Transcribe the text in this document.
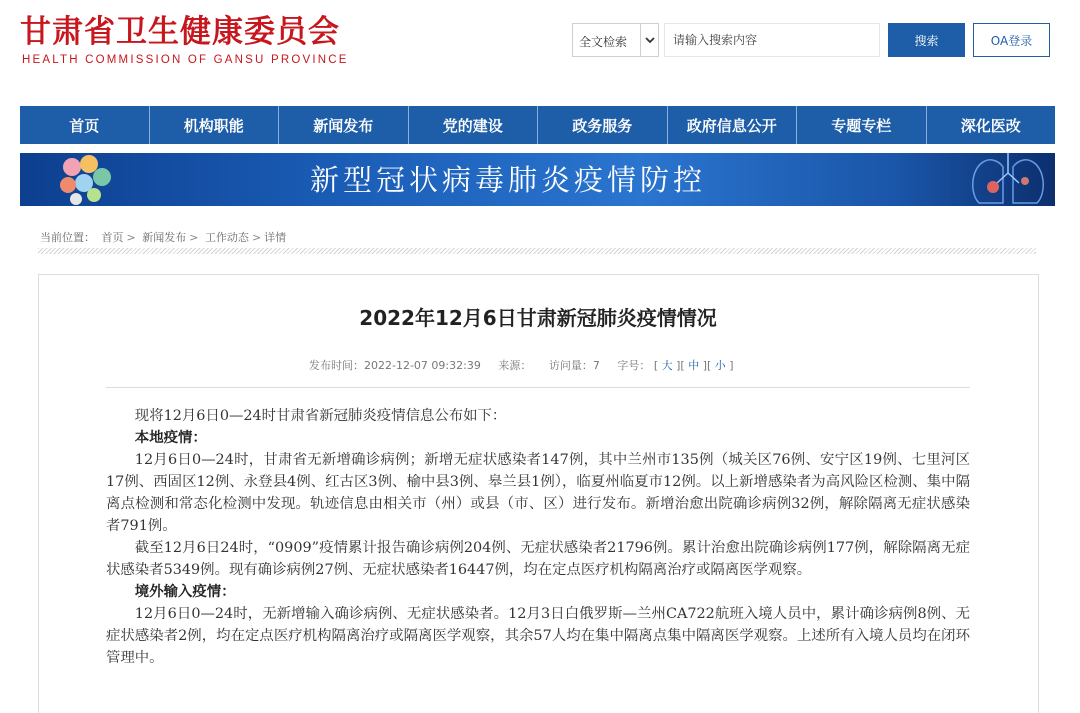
甘肃省卫生健康委员会
HEALTH COMMISSION OF GANSU PROVINCE
全文检索
请输入搜索内容	搜索	OA登录
首页	机构职能	新闻发布	党的建设	政务服务	政府信息公开	专题专栏	深化医改
新型冠状病毒肺炎疫情防控
当前位置： 首页 > 新闻发布 > 工作动态 > 详情
2022年12月6日甘肃新冠肺炎疫情情况
发布时间：2022-12-07 09:32:39 来源： 访问量：7 字号： [ 大 ][ 中 ][ 小 ]

现将12月6日0—24时甘肃省新冠肺炎疫情信息公布如下：

本地疫情：

12月6日0—24时，甘肃省无新增确诊病例；新增无症状感染者147例，其中兰州市135例（城关区76例、安宁区19例、七里河区17例、西固区12例、永登县4例、红古区3例、榆中县3例、皋兰县1例），临夏州临夏市12例。以上新增感染者为高风险区检测、集中隔离点检测和常态化检测中发现。轨迹信息由相关市（州）或县（市、区）进行发布。新增治愈出院确诊病例32例，解除隔离无症状感染者791例。

截至12月6日24时，“0909”疫情累计报告确诊病例204例、无症状感染者21796例。累计治愈出院确诊病例177例，解除隔离无症状感染者5349例。现有确诊病例27例、无症状感染者16447例，均在定点医疗机构隔离治疗或隔离医学观察。

境外输入疫情：

12月6日0—24时，无新增输入确诊病例、无症状感染者。12月3日白俄罗斯—兰州CA722航班入境人员中，累计确诊病例8例、无症状感染者2例，均在定点医疗机构隔离治疗或隔离医学观察，其余57人均在集中隔离点集中隔离医学观察。上述所有入境人员均在闭环管理中。
